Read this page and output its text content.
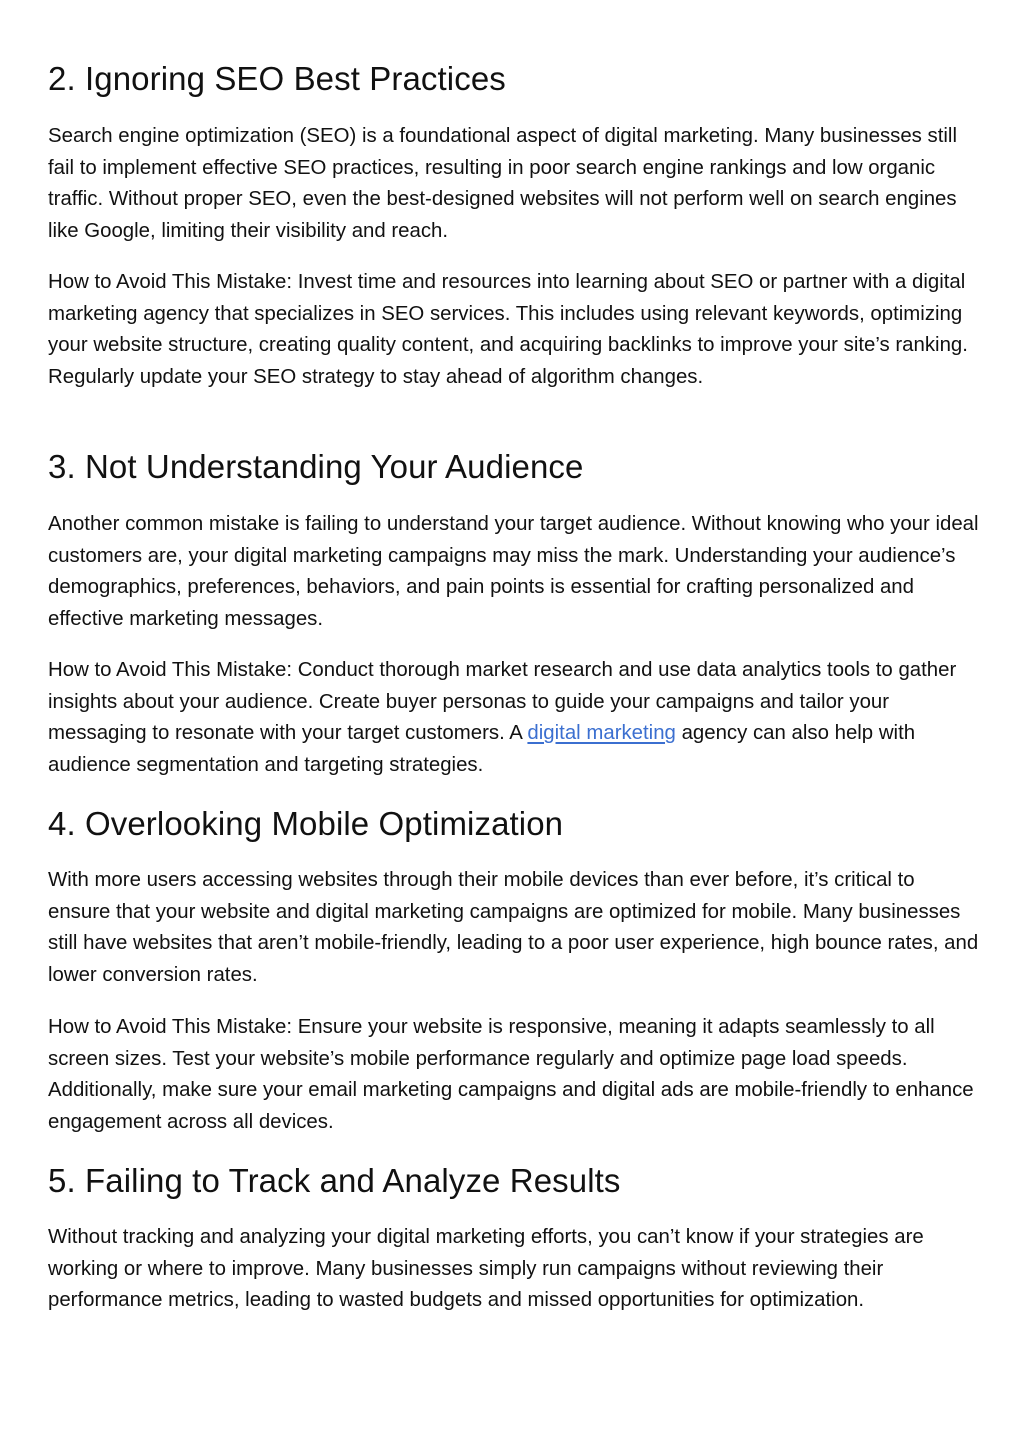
2. Ignoring SEO Best Practices

Search engine optimization (SEO) is a foundational aspect of digital marketing. Many businesses still fail to implement effective SEO practices, resulting in poor search engine rankings and low organic traffic. Without proper SEO, even the best-designed websites will not perform well on search engines like Google, limiting their visibility and reach.

How to Avoid This Mistake: Invest time and resources into learning about SEO or partner with a digital marketing agency that specializes in SEO services. This includes using relevant keywords, optimizing your website structure, creating quality content, and acquiring backlinks to improve your site’s ranking. Regularly update your SEO strategy to stay ahead of algorithm changes.

3. Not Understanding Your Audience

Another common mistake is failing to understand your target audience. Without knowing who your ideal customers are, your digital marketing campaigns may miss the mark. Understanding your audience’s demographics, preferences, behaviors, and pain points is essential for crafting personalized and effective marketing messages.

How to Avoid This Mistake: Conduct thorough market research and use data analytics tools to gather insights about your audience. Create buyer personas to guide your campaigns and tailor your messaging to resonate with your target customers. A digital marketing agency can also help with audience segmentation and targeting strategies.

4. Overlooking Mobile Optimization

With more users accessing websites through their mobile devices than ever before, it’s critical to ensure that your website and digital marketing campaigns are optimized for mobile. Many businesses still have websites that aren’t mobile-friendly, leading to a poor user experience, high bounce rates, and lower conversion rates.

How to Avoid This Mistake: Ensure your website is responsive, meaning it adapts seamlessly to all screen sizes. Test your website’s mobile performance regularly and optimize page load speeds. Additionally, make sure your email marketing campaigns and digital ads are mobile-friendly to enhance engagement across all devices.

5. Failing to Track and Analyze Results

Without tracking and analyzing your digital marketing efforts, you can’t know if your strategies are working or where to improve. Many businesses simply run campaigns without reviewing their performance metrics, leading to wasted budgets and missed opportunities for optimization.
